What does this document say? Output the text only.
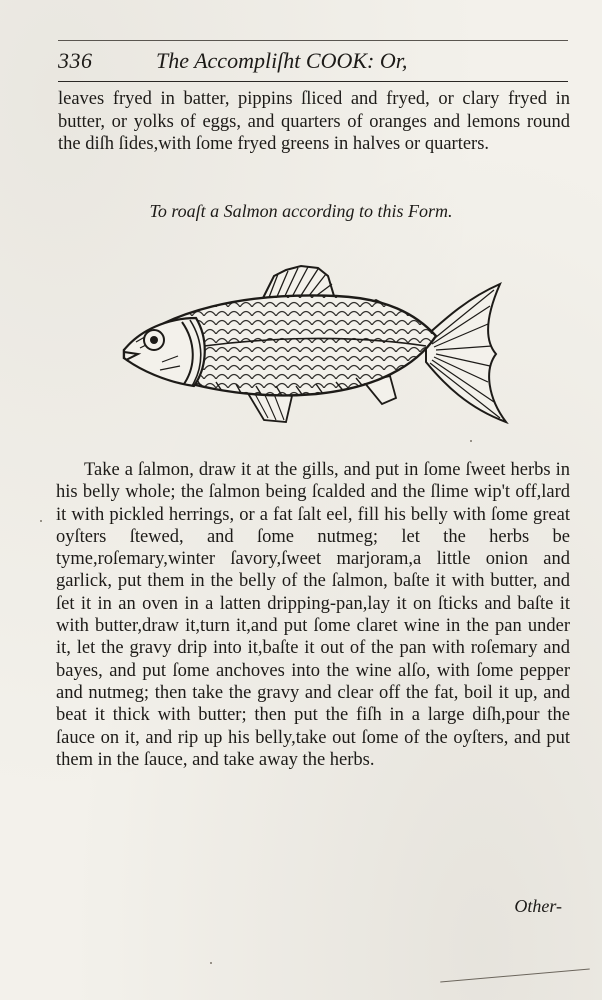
336	The Accompliſht COOK: Or,

leaves fryed in batter, pippins ſliced and fryed, or clary fryed in butter, or yolks of eggs, and quarters of oranges and lemons round the diſh ſides,with ſome fryed greens in halves or quarters.

To roaſt a Salmon according to this Form.

Take a ſalmon, draw it at the gills, and put in ſome ſweet herbs in his belly whole; the ſalmon being ſcalded and the ſlime wip't off,lard it with pickled herrings, or a fat ſalt eel, fill his belly with ſome great oyſters ſtewed, and ſome nutmeg; let the herbs be tyme,roſemary,winter ſavory,ſweet marjoram,a little onion and garlick, put them in the belly of the ſalmon, baſte it with butter, and ſet it in an oven in a latten dripping-pan,lay it on ſticks and baſte it with butter,draw it,turn it,and put ſome claret wine in the pan under it, let the gravy drip into it,baſte it out of the pan with roſemary and bayes, and put ſome anchoves into the wine alſo, with ſome pepper and nutmeg; then take the gravy and clear off the fat, boil it up, and beat it thick with butter; then put the fiſh in a large diſh,pour the ſauce on it, and rip up his belly,take out ſome of the oyſters, and put them in the ſauce, and take away the herbs.

Other-
